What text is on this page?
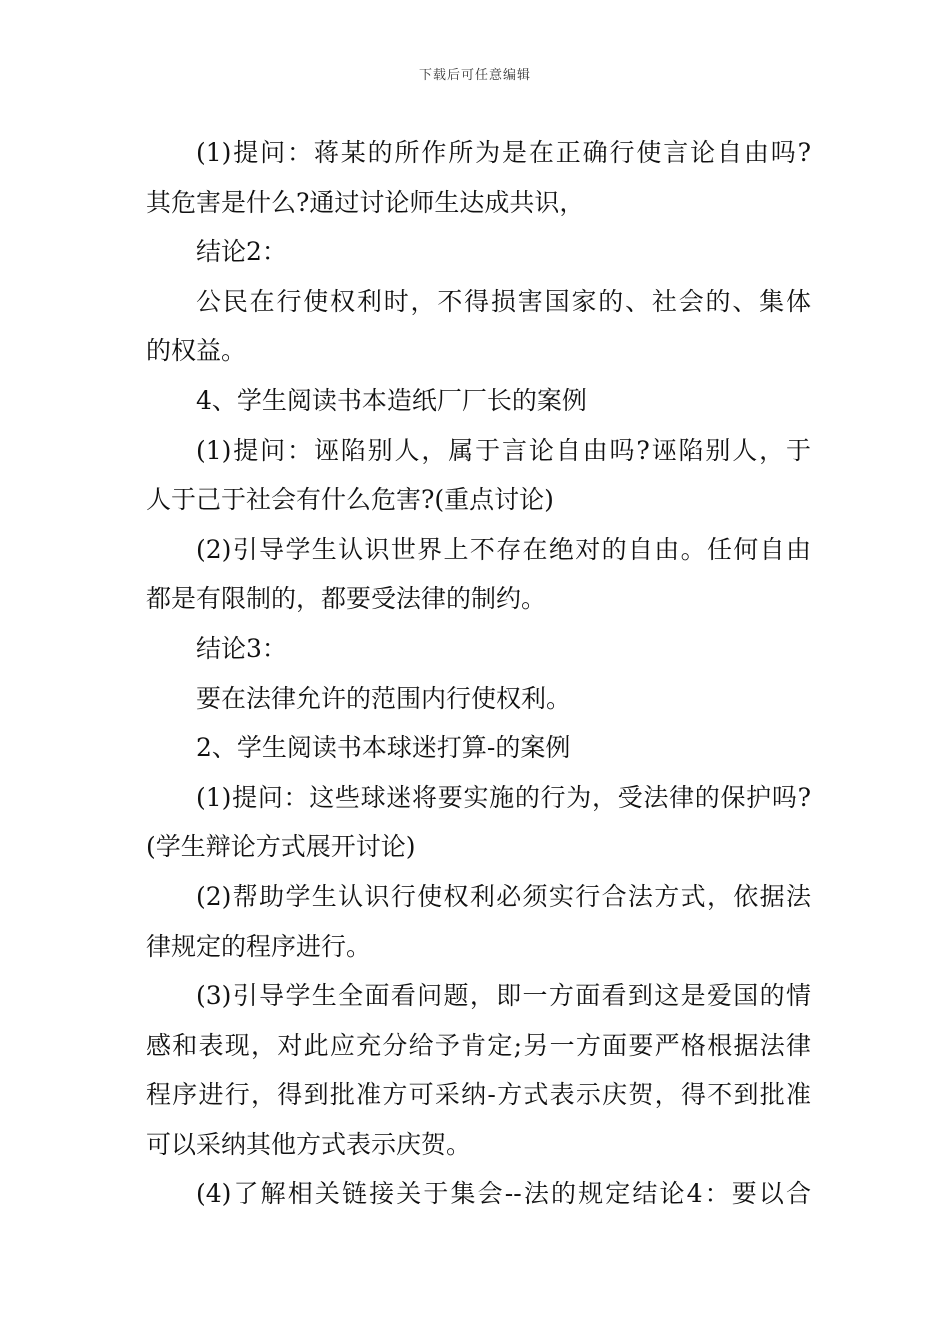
下载后可任意编辑
(1)提问：蒋某的所作所为是在正确行使言论自由吗?
其危害是什么?通过讨论师生达成共识，
结论2：
公民在行使权利时，不得损害国家的、社会的、集体
的权益。
4、学生阅读书本造纸厂厂长的案例
(1)提问：诬陷别人，属于言论自由吗?诬陷别人，于
人于己于社会有什么危害?(重点讨论)
(2)引导学生认识世界上不存在绝对的自由。任何自由
都是有限制的，都要受法律的制约。
结论3：
要在法律允许的范围内行使权利。
2、学生阅读书本球迷打算-的案例
(1)提问：这些球迷将要实施的行为，受法律的保护吗?
(学生辩论方式展开讨论)
(2)帮助学生认识行使权利必须实行合法方式，依据法
律规定的程序进行。
(3)引导学生全面看问题，即一方面看到这是爱国的情
感和表现，对此应充分给予肯定;另一方面要严格根据法律
程序进行，得到批准方可采纳-方式表示庆贺，得不到批准
可以采纳其他方式表示庆贺。
(4)了解相关链接关于集会--法的规定结论4：要以合
